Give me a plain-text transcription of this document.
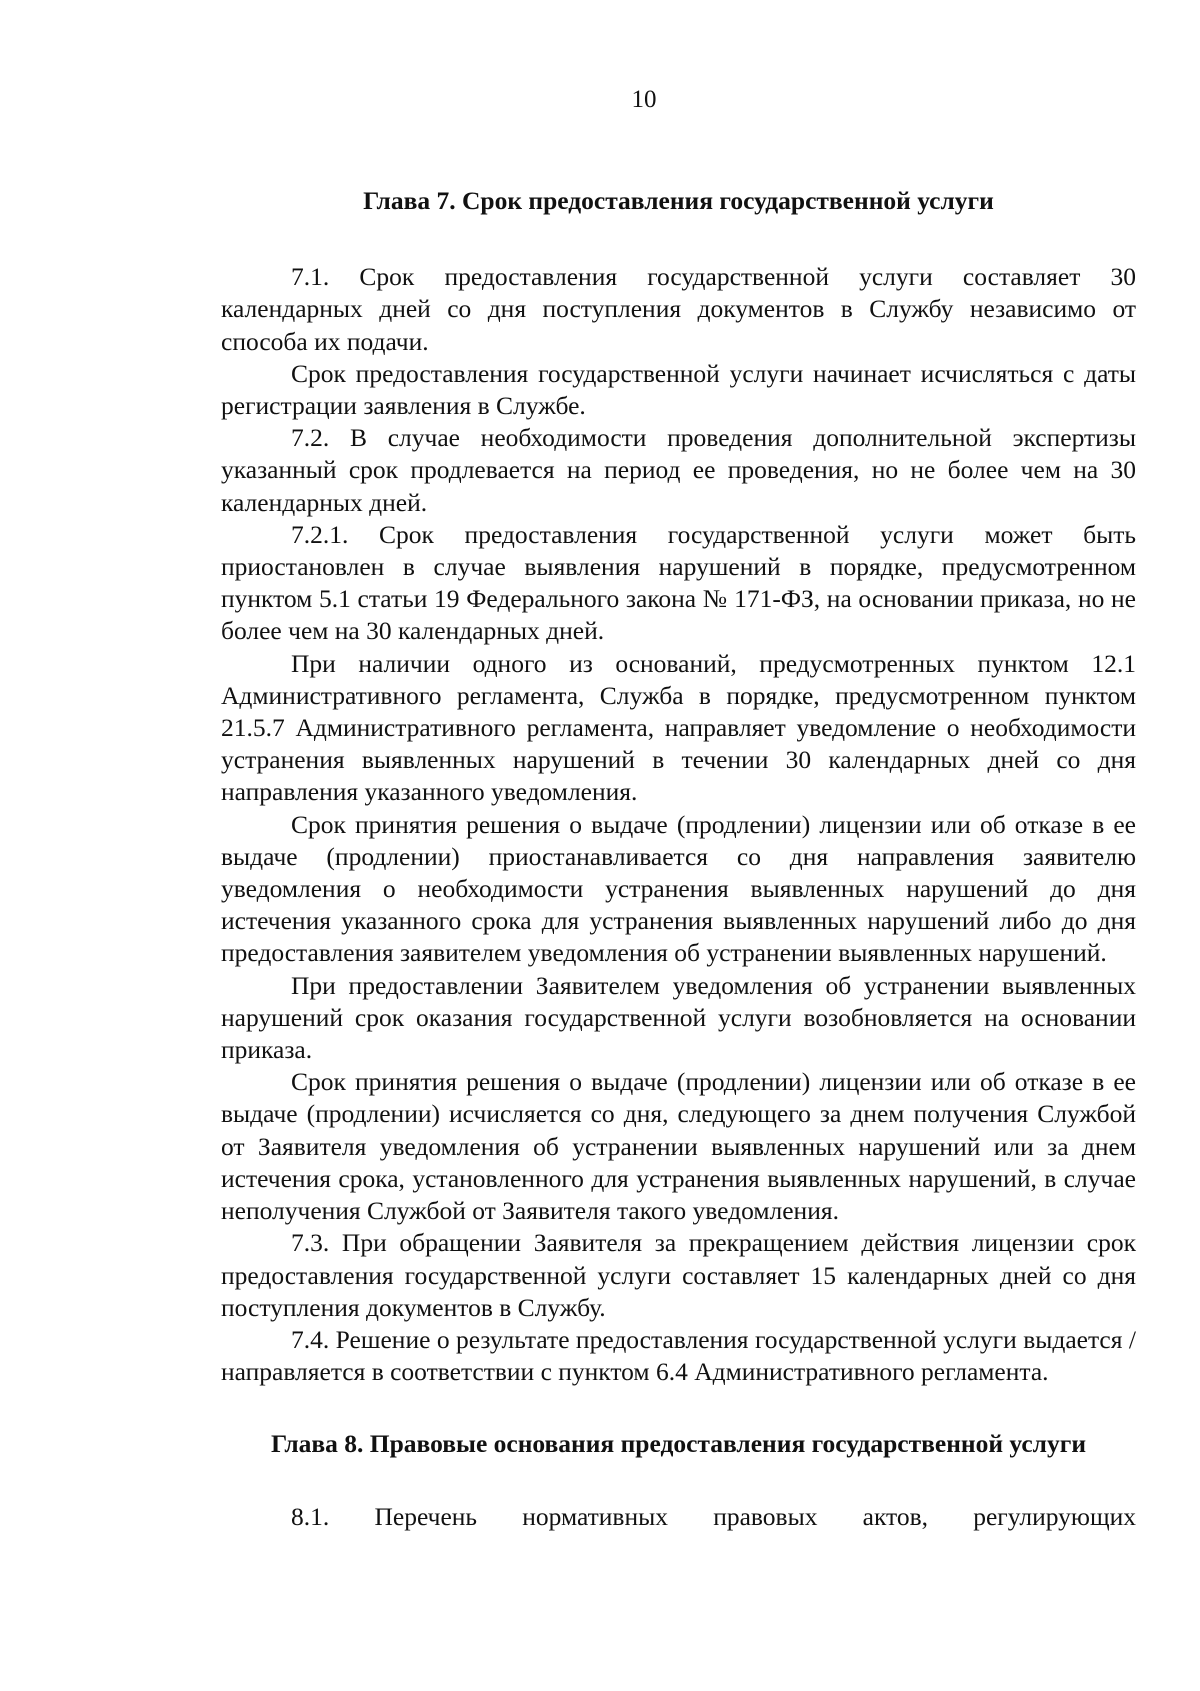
10

Глава 7. Срок предоставления государственной услуги

7.1. Срок предоставления государственной услуги составляет 30 календарных дней со дня поступления документов в Службу независимо от способа их подачи.

Срок предоставления государственной услуги начинает исчисляться с даты регистрации заявления в Службе.

7.2. В случае необходимости проведения дополнительной экспертизы указанный срок продлевается на период ее проведения, но не более чем на 30 календарных дней.

7.2.1. Срок предоставления государственной услуги может быть приостановлен в случае выявления нарушений в порядке, предусмотренном пунктом 5.1 статьи 19 Федерального закона № 171-ФЗ, на основании приказа, но не более чем на 30 календарных дней.

При наличии одного из оснований, предусмотренных пунктом 12.1 Административного регламента, Служба в порядке, предусмотренном пунктом 21.5.7 Административного регламента, направляет уведомление о необходимости устранения выявленных нарушений в течении 30 календарных дней со дня направления указанного уведомления.

Срок принятия решения о выдаче (продлении) лицензии или об отказе в ее выдаче (продлении) приостанавливается со дня направления заявителю уведомления о необходимости устранения выявленных нарушений до дня истечения указанного срока для устранения выявленных нарушений либо до дня предоставления заявителем уведомления об устранении выявленных нарушений.

При предоставлении Заявителем уведомления об устранении выявленных нарушений срок оказания государственной услуги возобновляется на основании приказа.

Срок принятия решения о выдаче (продлении) лицензии или об отказе в ее выдаче (продлении) исчисляется со дня, следующего за днем получения Службой от Заявителя уведомления об устранении выявленных нарушений или за днем истечения срока, установленного для устранения выявленных нарушений, в случае неполучения Службой от Заявителя такого уведомления.

7.3. При обращении Заявителя за прекращением действия лицензии срок предоставления государственной услуги составляет 15 календарных дней со дня поступления документов в Службу.

7.4. Решение о результате предоставления государственной услуги выдается / направляется в соответствии с пунктом 6.4 Административного регламента.

Глава 8. Правовые основания предоставления государственной услуги

8.1. Перечень нормативных правовых актов, регулирующих
